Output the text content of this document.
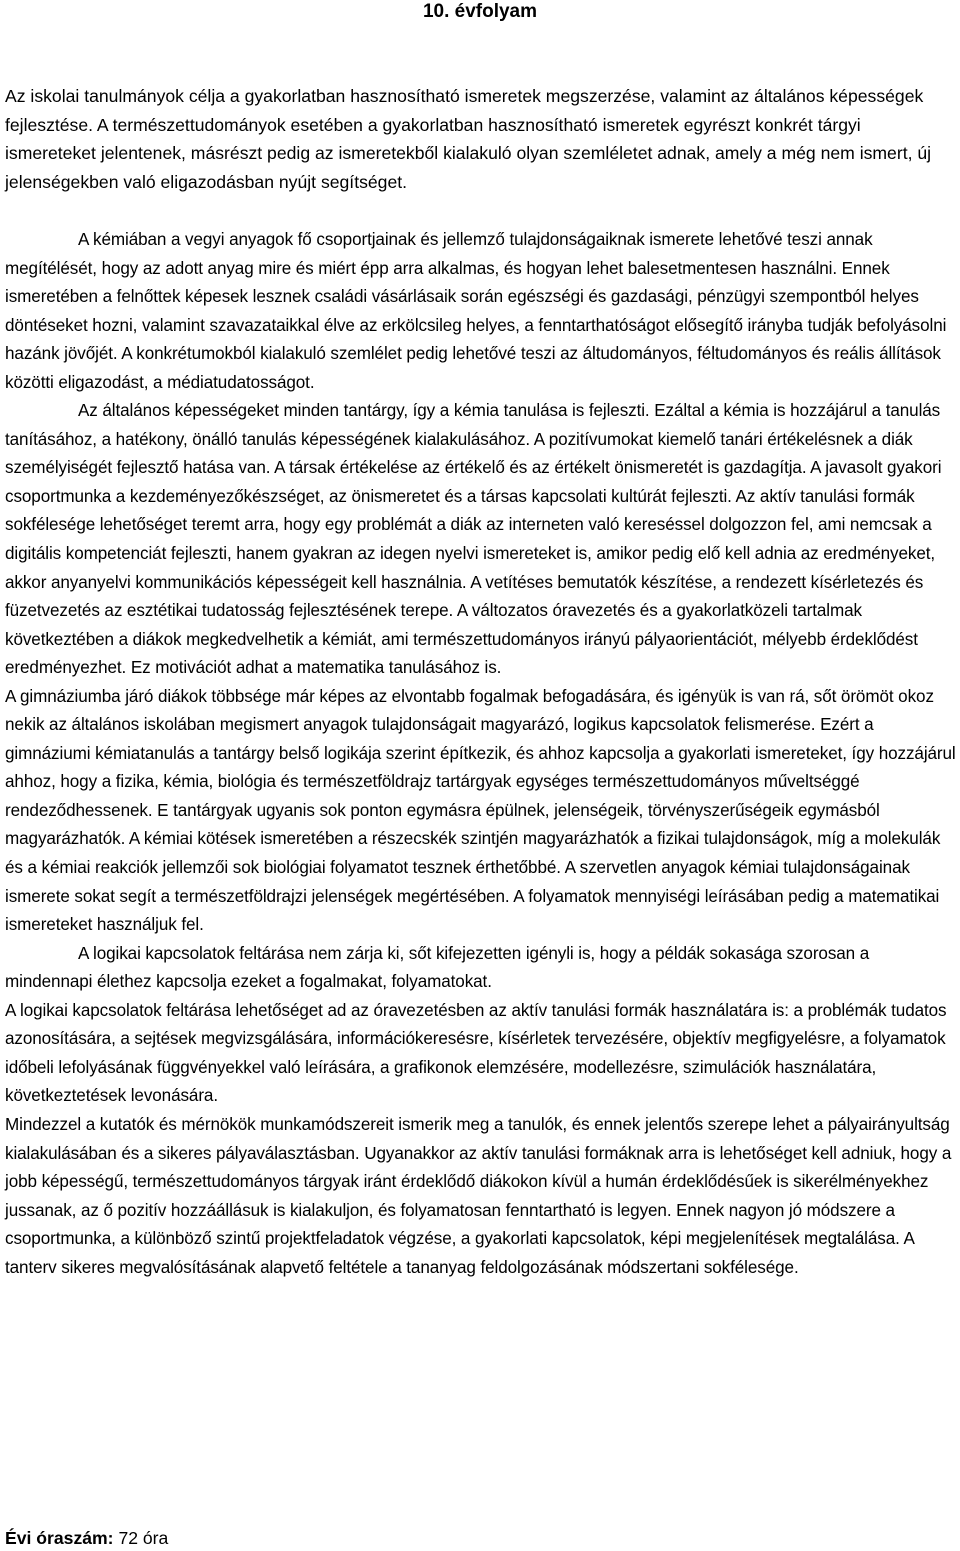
10. évfolyam

Az iskolai tanulmányok célja a gyakorlatban hasznosítható ismeretek megszerzése, valamint az általános képességek fejlesztése. A természettudományok esetében a gyakorlatban hasznosítható ismeretek egyrészt konkrét tárgyi ismereteket jelentenek, másrészt pedig az ismeretekből kialakuló olyan szemléletet adnak, amely a még nem ismert, új jelenségekben való eligazodásban nyújt segítséget.

A kémiában a vegyi anyagok fő csoportjainak és jellemző tulajdonságaiknak ismerete lehetővé teszi annak megítélését, hogy az adott anyag mire és miért épp arra alkalmas, és hogyan lehet balesetmentesen használni. Ennek ismeretében a felnőttek képesek lesznek családi vásárlásaik során egészségi és gazdasági, pénzügyi szempontból helyes döntéseket hozni, valamint szavazataikkal élve az erkölcsileg helyes, a fenntarthatóságot elősegítő irányba tudják befolyásolni hazánk jövőjét. A konkrétumokból kialakuló szemlélet pedig lehetővé teszi az áltudományos, féltudományos és reális állítások közötti eligazodást, a médiatudatosságot.

Az általános képességeket minden tantárgy, így a kémia tanulása is fejleszti. Ezáltal a kémia is hozzájárul a tanulás tanításához, a hatékony, önálló tanulás képességének kialakulásához. A pozitívumokat kiemelő tanári értékelésnek a diák személyiségét fejlesztő hatása van. A társak értékelése az értékelő és az értékelt önismeretét is gazdagítja. A javasolt gyakori csoportmunka a kezdeményezőkészséget, az önismeretet és a társas kapcsolati kultúrát fejleszti. Az aktív tanulási formák sokfélesége lehetőséget teremt arra, hogy egy problémát a diák az interneten való kereséssel dolgozzon fel, ami nemcsak a digitális kompetenciát fejleszti, hanem gyakran az idegen nyelvi ismereteket is, amikor pedig elő kell adnia az eredményeket, akkor anyanyelvi kommunikációs képességeit kell használnia. A vetítéses bemutatók készítése, a rendezett kísérletezés és füzetvezetés az esztétikai tudatosság fejlesztésének terepe. A változatos óravezetés és a gyakorlatközeli tartalmak következtében a diákok megkedvelhetik a kémiát, ami természettudományos irányú pályaorientációt, mélyebb érdeklődést eredményezhet. Ez motivációt adhat a matematika tanulásához is.

A gimnáziumba járó diákok többsége már képes az elvontabb fogalmak befogadására, és igényük is van rá, sőt örömöt okoz nekik az általános iskolában megismert anyagok tulajdonságait magyarázó, logikus kapcsolatok felismerése. Ezért a gimnáziumi kémiatanulás a tantárgy belső logikája szerint építkezik, és ahhoz kapcsolja a gyakorlati ismereteket, így hozzájárul ahhoz, hogy a fizika, kémia, biológia és természetföldrajz tartárgyak egységes természettudományos műveltséggé rendeződhessenek. E tantárgyak ugyanis sok ponton egymásra épülnek, jelenségeik, törvényszerűségeik egymásból magyarázhatók. A kémiai kötések ismeretében a részecskék szintjén magyarázhatók a fizikai tulajdonságok, míg a molekulák és a kémiai reakciók jellemzői sok biológiai folyamatot tesznek érthetőbbé. A szervetlen anyagok kémiai tulajdonságainak ismerete sokat segít a természetföldrajzi jelenségek megértésében. A folyamatok mennyiségi leírásában pedig a matematikai ismereteket használjuk fel.

A logikai kapcsolatok feltárása nem zárja ki, sőt kifejezetten igényli is, hogy a példák sokasága szorosan a mindennapi élethez kapcsolja ezeket a fogalmakat, folyamatokat.

A logikai kapcsolatok feltárása lehetőséget ad az óravezetésben az aktív tanulási formák használatára is: a problémák tudatos azonosítására, a sejtések megvizsgálására, információkeresésre, kísérletek tervezésére, objektív megfigyelésre, a folyamatok időbeli lefolyásának függvényekkel való leírására, a grafikonok elemzésére, modellezésre, szimulációk használatára, következtetések levonására.

Mindezzel a kutatók és mérnökök munkamódszereit ismerik meg a tanulók, és ennek jelentős szerepe lehet a pályairányultság kialakulásában és a sikeres pályaválasztásban. Ugyanakkor az aktív tanulási formáknak arra is lehetőséget kell adniuk, hogy a jobb képességű, természettudományos tárgyak iránt érdeklődő diákokon kívül a humán érdeklődésűek is sikerélményekhez jussanak, az ő pozitív hozzáállásuk is kialakuljon, és folyamatosan fenntartható is legyen. Ennek nagyon jó módszere a csoportmunka, a különböző szintű projektfeladatok végzése, a gyakorlati kapcsolatok, képi megjelenítések megtalálása. A tanterv sikeres megvalósításának alapvető feltétele a tananyag feldolgozásának módszertani sokfélesége.

Évi óraszám: 72 óra
